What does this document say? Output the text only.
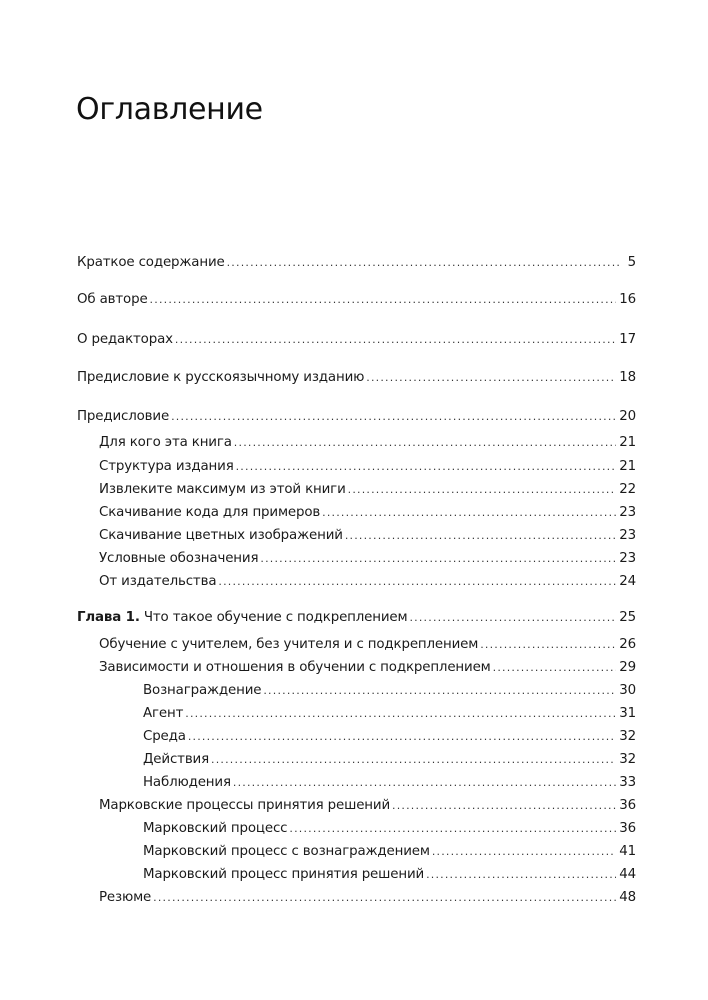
Оглавление
Краткое содержание .....	5
Об авторе .....	16
О редакторах .....	17
Предисловие к русскоязычному изданию .....	18
Предисловие .....	20
Для кого эта книга .....	21
Структура издания .....	21
Извлеките максимум из этой книги .....	22
Скачивание кода для примеров .....	23
Скачивание цветных изображений .....	23
Условные обозначения .....	23
От издательства .....	24
Глава 1. Что такое обучение с подкреплением .....	25
Обучение с учителем, без учителя и с подкреплением .....	26
Зависимости и отношения в обучении с подкреплением .....	29
Вознаграждение .....	30
Агент .....	31
Среда .....	32
Действия .....	32
Наблюдения .....	33
Марковские процессы принятия решений .....	36
Марковский процесс .....	36
Марковский процесс с вознаграждением .....	41
Марковский процесс принятия решений .....	44
Резюме .....	48
